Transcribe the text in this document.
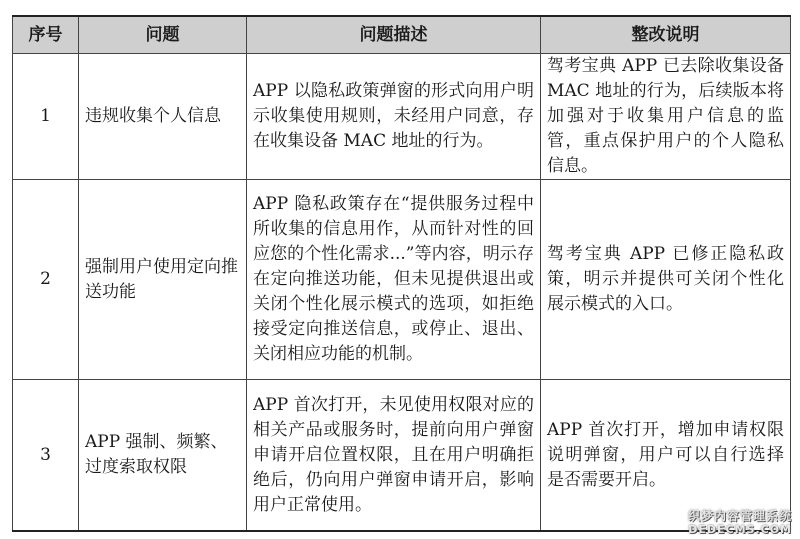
序号	问题	问题描述	整改说明
1	违规收集个人信息	APP 以隐私政策弹窗的形式向用户明示收集使用规则，未经用户同意，存在收集设备 MAC 地址的行为。	驾考宝典 APP 已去除收集设备 MAC 地址的行为，后续版本将加强对于收集用户信息的监管，重点保护用户的个人隐私信息。
2	强制用户使用定向推送功能	APP 隐私政策存在“提供服务过程中所收集的信息用作，从而针对性的回应您的个性化需求...”等内容，明示存在定向推送功能，但未见提供退出或关闭个性化展示模式的选项，如拒绝接受定向推送信息，或停止、退出、关闭相应功能的机制。	驾考宝典 APP 已修正隐私政策，明示并提供可关闭个性化展示模式的入口。
3	APP 强制、频繁、过度索取权限	APP 首次打开，未见使用权限对应的相关产品或服务时，提前向用户弹窗申请开启位置权限，且在用户明确拒绝后，仍向用户弹窗申请开启，影响用户正常使用。	APP 首次打开，增加申请权限说明弹窗，用户可以自行选择是否需要开启。
织梦内容管理系统
DEDECMS.COM
